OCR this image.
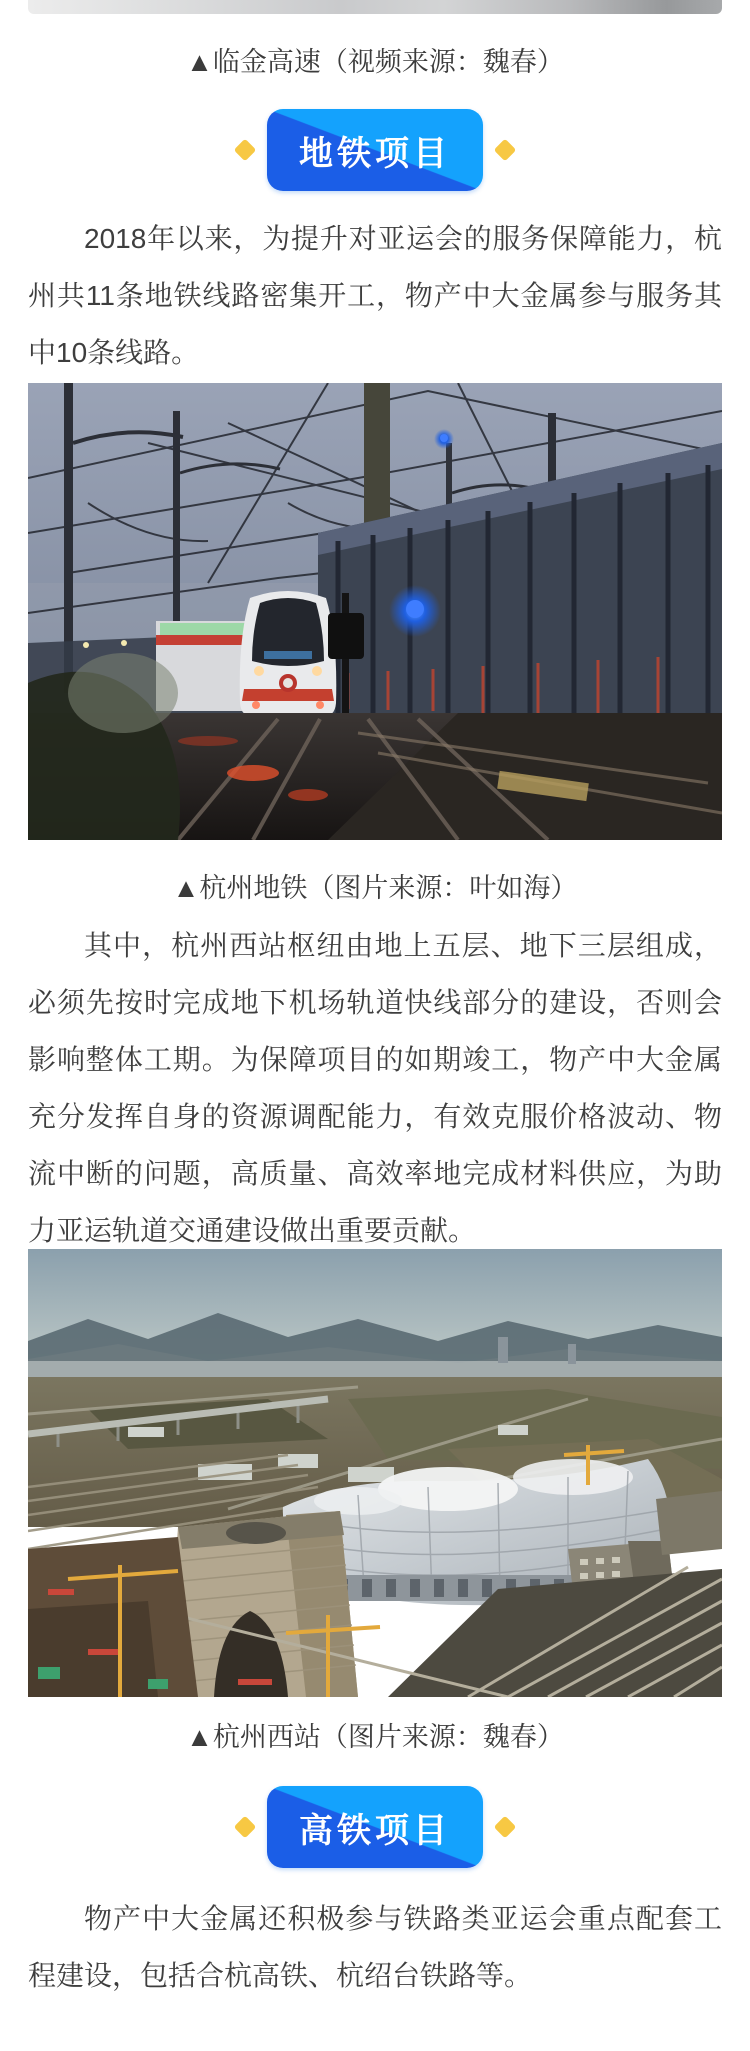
▲临金高速（视频来源：魏春）
地铁项目

2018年以来，为提升对亚运会的服务保障能力，杭州共11条地铁线路密集开工，物产中大金属参与服务其中10条线路。

▲杭州地铁（图片来源：叶如海）

其中，杭州西站枢纽由地上五层、地下三层组成，必须先按时完成地下机场轨道快线部分的建设，否则会影响整体工期。为保障项目的如期竣工，物产中大金属充分发挥自身的资源调配能力，有效克服价格波动、物流中断的问题，高质量、高效率地完成材料供应，为助力亚运轨道交通建设做出重要贡献。

▲杭州西站（图片来源：魏春）
高铁项目

物产中大金属还积极参与铁路类亚运会重点配套工程建设，包括合杭高铁、杭绍台铁路等。
